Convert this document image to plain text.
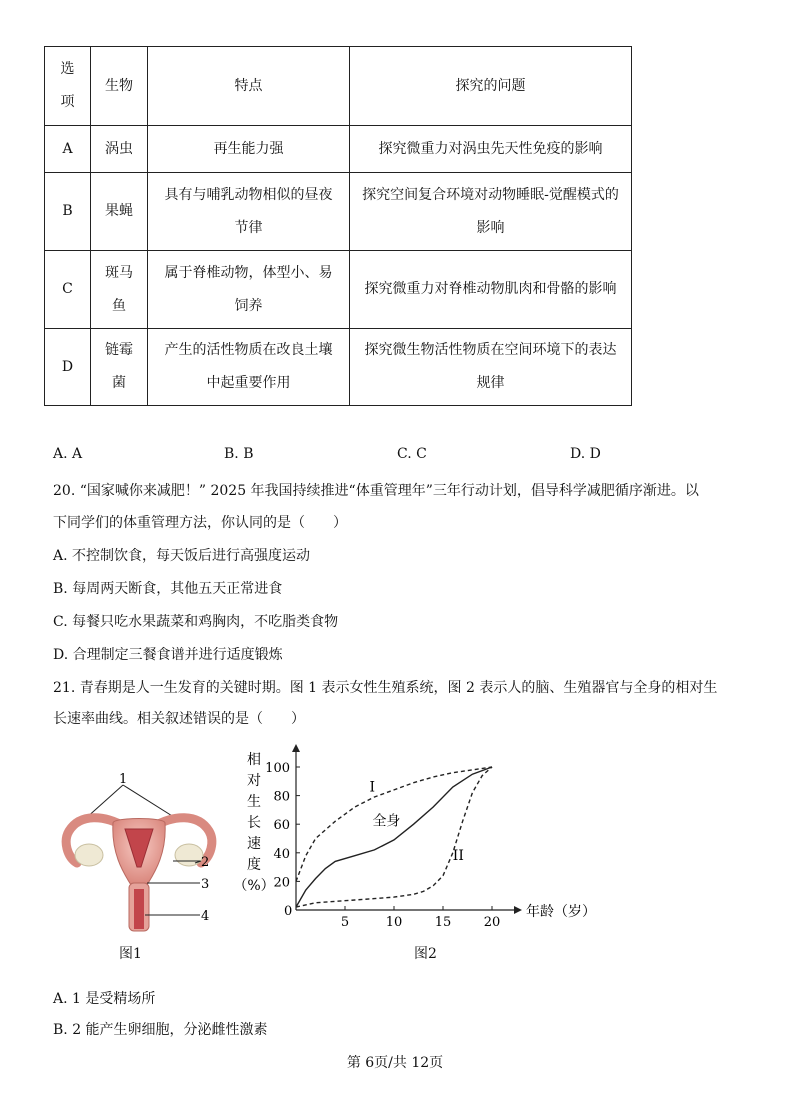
选项	生物	特点	探究的问题
A	涡虫	再生能力强	探究微重力对涡虫先天性免疫的影响
B	果蝇	具有与哺乳动物相似的昼夜节律	探究空间复合环境对动物睡眠-觉醒模式的影响
C	斑马鱼	属于脊椎动物，体型小、易饲养	探究微重力对脊椎动物肌肉和骨骼的影响
D	链霉菌	产生的活性物质在改良土壤中起重要作用	探究微生物活性物质在空间环境下的表达规律
A. A	B. B	C. C	D. D
20. “国家喊你来减肥！” 2025 年我国持续推进“体重管理年”三年行动计划，倡导科学减肥循序渐进。以
下同学们的体重管理方法，你认同的是（　　）
A. 不控制饮食，每天饭后进行高强度运动
B. 每周两天断食，其他五天正常进食
C. 每餐只吃水果蔬菜和鸡胸肉，不吃脂类食物
D. 合理制定三餐食谱并进行适度锻炼
21. 青春期是人一生发育的关键时期。图 1 表示女性生殖系统，图 2 表示人的脑、生殖器官与全身的相对生
长速率曲线。相关叙述错误的是（　　）
1
2
3
4
图1
0
5	10 15 20
20
40
60
80
100
相
对
生
长
速
度
（%）
年龄（岁）
I
全身
II
图2
A. 1 是受精场所
B. 2 能产生卵细胞，分泌雌性激素
第 6页/共 12页
